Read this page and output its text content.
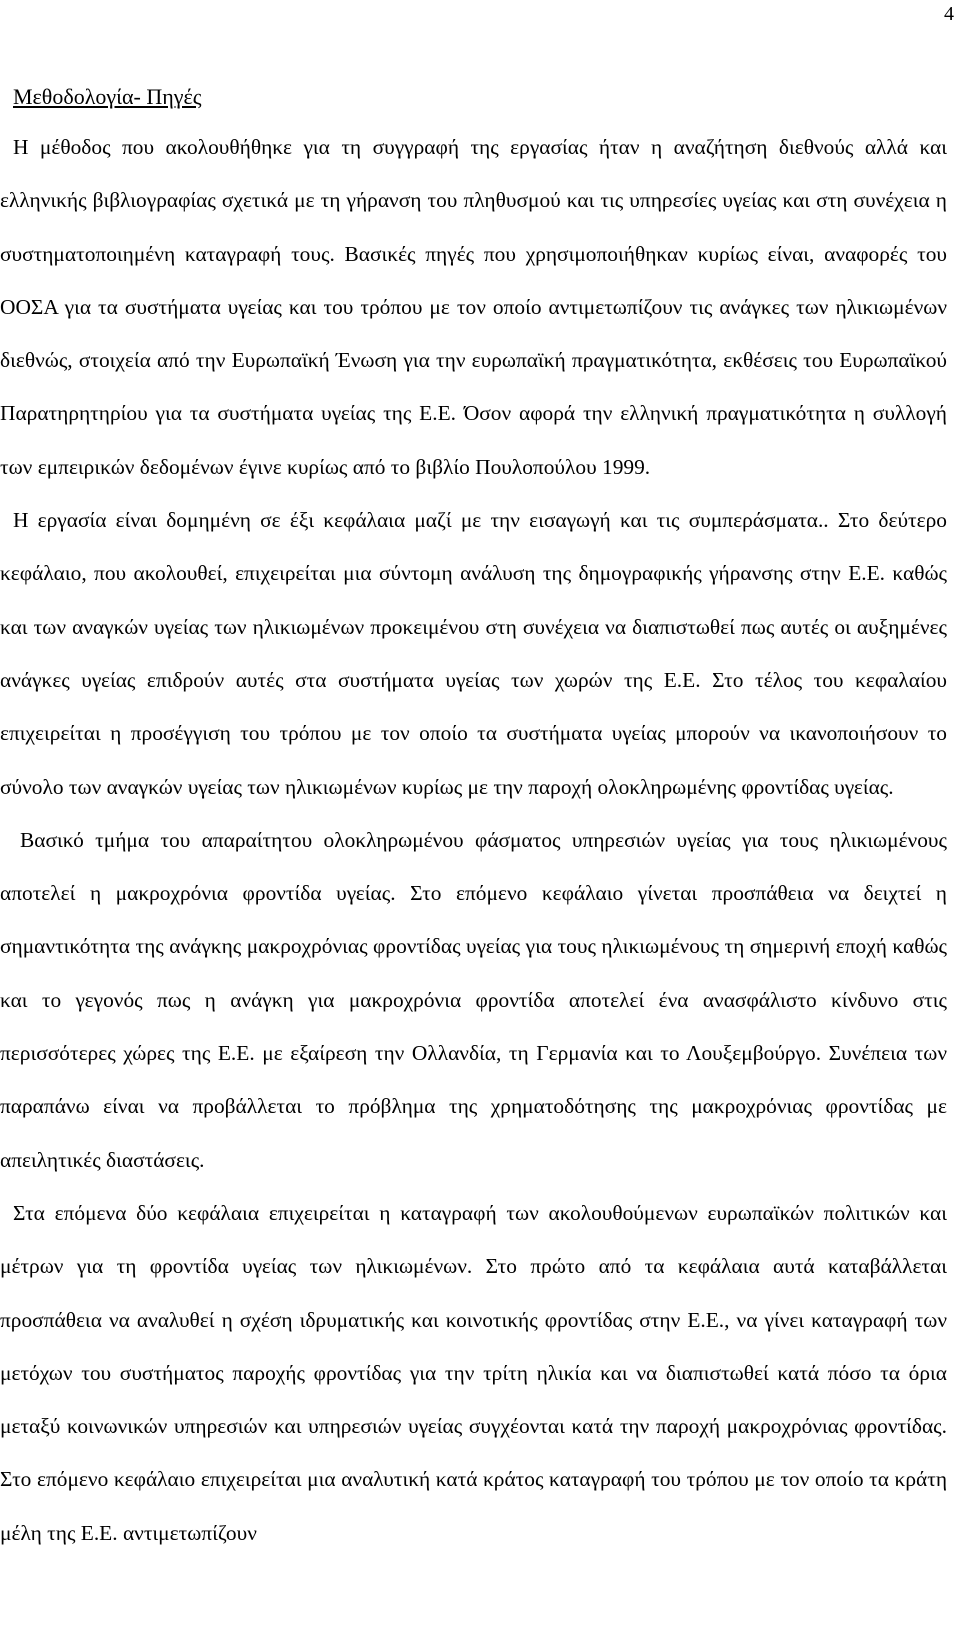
4
Μεθοδολογία- Πηγές

Η μέθοδος που ακολουθήθηκε για τη συγγραφή της εργασίας ήταν η αναζήτηση διεθνούς αλλά και ελληνικής βιβλιογραφίας σχετικά με τη γήρανση του πληθυσμού και τις υπηρεσίες υγείας και στη συνέχεια η συστηματοποιημένη καταγραφή τους. Βασικές πηγές που χρησιμοποιήθηκαν κυρίως είναι, αναφορές του ΟΟΣΑ για τα συστήματα υγείας και του τρόπου με τον οποίο αντιμετωπίζουν τις ανάγκες των ηλικιωμένων διεθνώς, στοιχεία από την Ευρωπαϊκή Ένωση για την ευρωπαϊκή πραγματικότητα, εκθέσεις του Ευρωπαϊκού Παρατηρητηρίου για τα συστήματα υγείας της Ε.Ε. Όσον αφορά την ελληνική πραγματικότητα η συλλογή των εμπειρικών δεδομένων έγινε κυρίως από το βιβλίο Πουλοπούλου 1999.

Η εργασία είναι δομημένη σε έξι κεφάλαια μαζί με την εισαγωγή και τις συμπεράσματα.. Στο δεύτερο κεφάλαιο, που ακολουθεί, επιχειρείται μια σύντομη ανάλυση της δημογραφικής γήρανσης στην Ε.Ε. καθώς και των αναγκών υγείας των ηλικιωμένων προκειμένου στη συνέχεια να διαπιστωθεί πως αυτές οι αυξημένες ανάγκες υγείας επιδρούν αυτές στα συστήματα υγείας των χωρών της Ε.Ε. Στο τέλος του κεφαλαίου επιχειρείται η προσέγγιση του τρόπου με τον οποίο τα συστήματα υγείας μπορούν να ικανοποιήσουν το σύνολο των αναγκών υγείας των ηλικιωμένων κυρίως με την παροχή ολοκληρωμένης φροντίδας υγείας.

Βασικό τμήμα του απαραίτητου ολοκληρωμένου φάσματος υπηρεσιών υγείας για τους ηλικιωμένους αποτελεί η μακροχρόνια φροντίδα υγείας. Στο επόμενο κεφάλαιο γίνεται προσπάθεια να δειχτεί η σημαντικότητα της ανάγκης μακροχρόνιας φροντίδας υγείας για τους ηλικιωμένους τη σημερινή εποχή καθώς και το γεγονός πως η ανάγκη για μακροχρόνια φροντίδα αποτελεί ένα ανασφάλιστο κίνδυνο στις περισσότερες χώρες της Ε.Ε. με εξαίρεση την Ολλανδία, τη Γερμανία και το Λουξεμβούργο. Συνέπεια των παραπάνω είναι να προβάλλεται το πρόβλημα της χρηματοδότησης της μακροχρόνιας φροντίδας με απειλητικές διαστάσεις.

Στα επόμενα δύο κεφάλαια επιχειρείται η καταγραφή των ακολουθούμενων ευρωπαϊκών πολιτικών και μέτρων για τη φροντίδα υγείας των ηλικιωμένων. Στο πρώτο από τα κεφάλαια αυτά καταβάλλεται προσπάθεια να αναλυθεί η σχέση ιδρυματικής και κοινοτικής φροντίδας στην Ε.Ε., να γίνει καταγραφή των μετόχων του συστήματος παροχής φροντίδας για την τρίτη ηλικία και να διαπιστωθεί κατά πόσο τα όρια μεταξύ κοινωνικών υπηρεσιών και υπηρεσιών υγείας συγχέονται κατά την παροχή μακροχρόνιας φροντίδας. Στο επόμενο κεφάλαιο επιχειρείται μια αναλυτική κατά κράτος καταγραφή του τρόπου με τον οποίο τα κράτη μέλη της Ε.Ε. αντιμετωπίζουν
